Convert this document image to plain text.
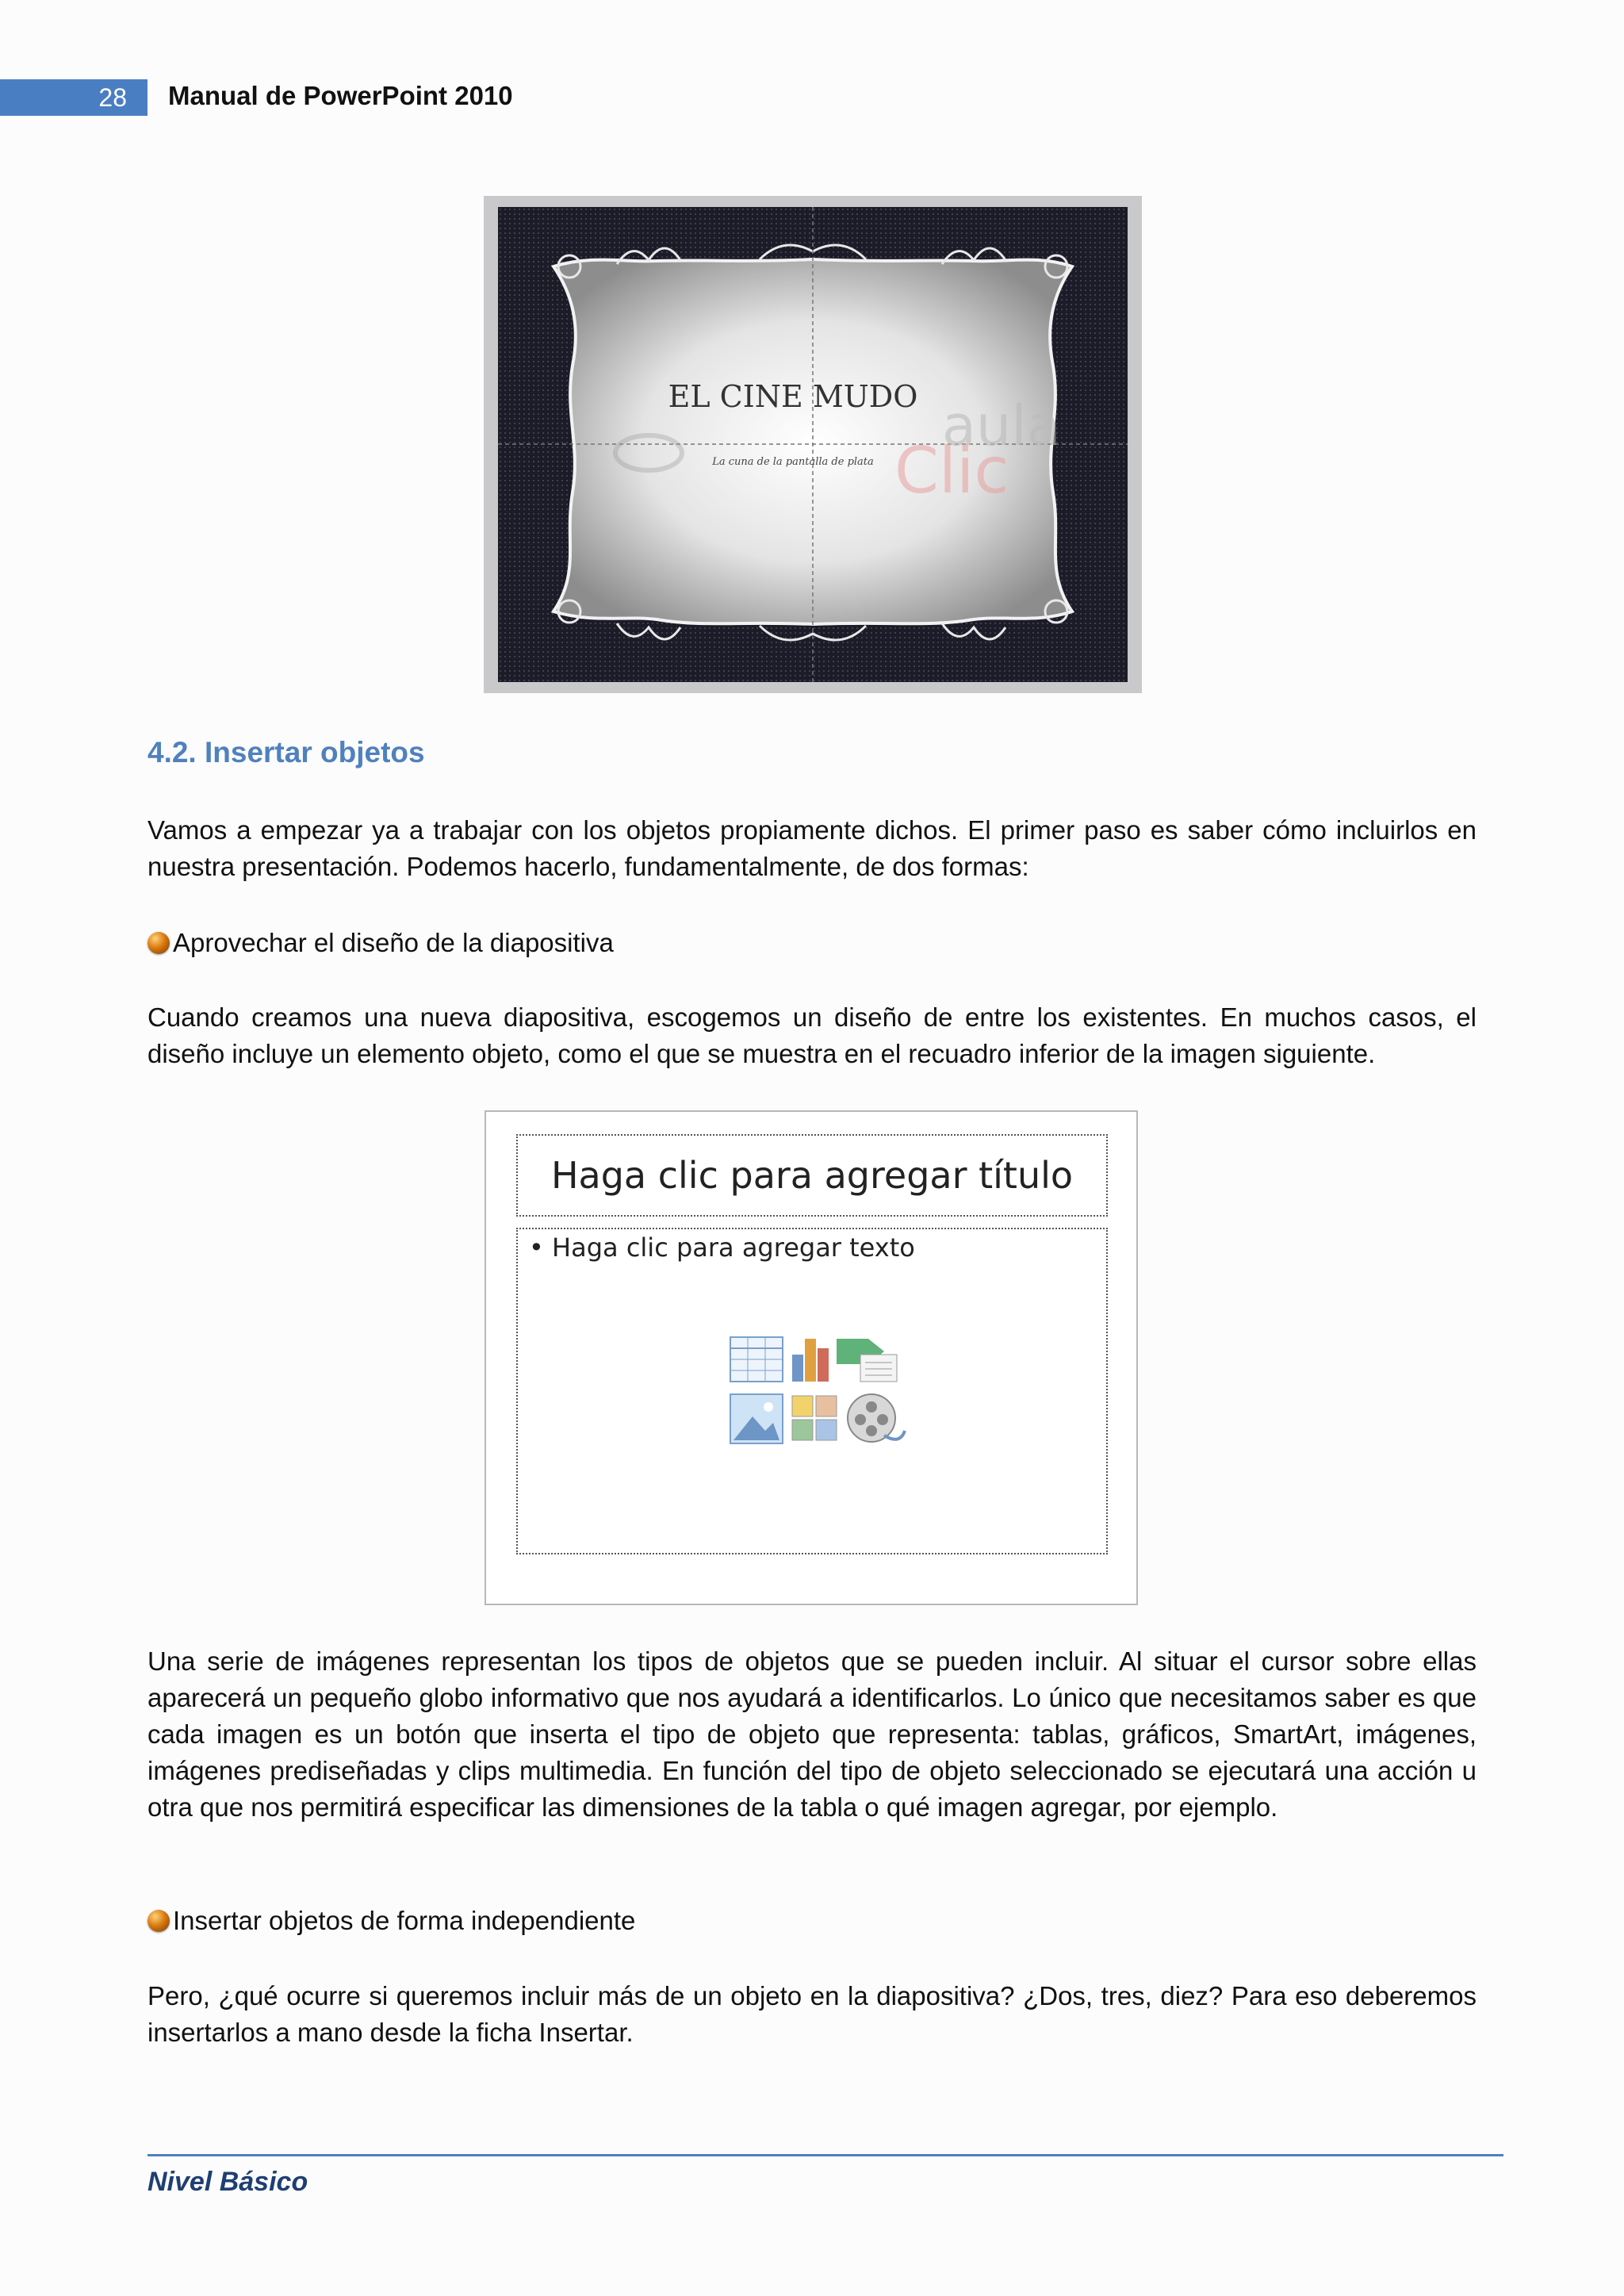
28 Manual de PowerPoint 2010
aula
Clic
EL CINE MUDO
La cuna de la pantalla de plata
4.2. Insertar objetos
Vamos a empezar ya a trabajar con los objetos propiamente dichos. El primer paso es saber cómo incluirlos en nuestra presentación. Podemos hacerlo, fundamentalmente, de dos formas:
Aprovechar el diseño de la diapositiva
Cuando creamos una nueva diapositiva, escogemos un diseño de entre los existentes. En muchos casos, el diseño incluye un elemento objeto, como el que se muestra en el recuadro inferior de la imagen siguiente.
Haga clic para agregar título
• Haga clic para agregar texto
Una serie de imágenes representan los tipos de objetos que se pueden incluir. Al situar el cursor sobre ellas aparecerá un pequeño globo informativo que nos ayudará a identificarlos. Lo único que necesitamos saber es que cada imagen es un botón que inserta el tipo de objeto que representa: tablas, gráficos, SmartArt, imágenes, imágenes prediseñadas y clips multimedia. En función del tipo de objeto seleccionado se ejecutará una acción u otra que nos permitirá especificar las dimensiones de la tabla o qué imagen agregar, por ejemplo.
Insertar objetos de forma independiente
Pero, ¿qué ocurre si queremos incluir más de un objeto en la diapositiva? ¿Dos, tres, diez? Para eso deberemos insertarlos a mano desde la ficha Insertar.
Nivel Básico
